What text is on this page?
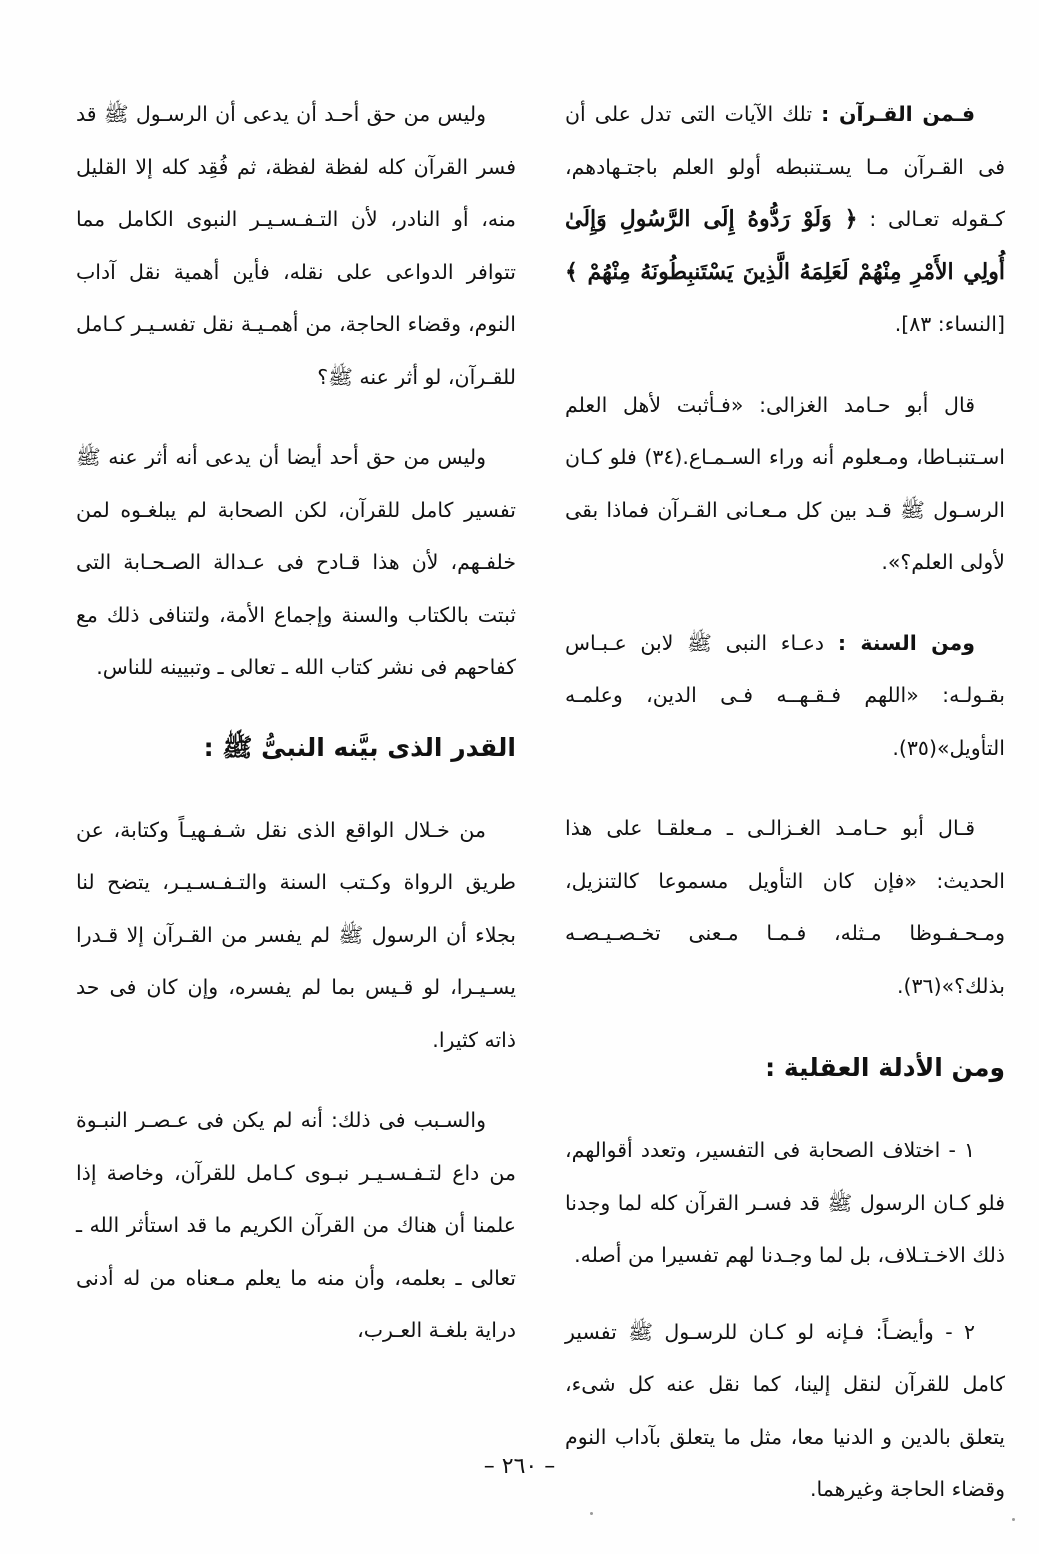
فـمن القـرآن : تلك الآيات التى تدل على أن فى القـرآن مـا يسـتنبطه أولو العلم باجتـهادهم، كـقوله تعـالى : ﴿ وَلَوْ رَدُّوهُ إِلَى الرَّسُولِ وَإِلَىٰ أُولِي الأَمْرِ مِنْهُمْ لَعَلِمَهُ الَّذِينَ يَسْتَنبِطُونَهُ مِنْهُمْ ﴾ [النساء: ٨٣].

قال أبو حـامد الغزالى: «فـأثبت لأهل العلم اسـتنبـاطا، ومـعلوم أنه وراء السـمـاع.(٣٤) فلو كـان الرسـول ﷺ قـد بين كل مـعـانى القـرآن فماذا بقى لأولى العلم؟».

ومن السنة : دعـاء النبى ﷺ لابن عـبـاس بقـولـه: «اللهم فـقـهــه فـى الدين، وعلمـه التأويل»(٣٥).

قـال أبو حـامـد الغـزالـى ـ مـعلقـا على هذا الحديث: «فإن كان التأويل مسموعا كالتنزيل، ومـحـفـوظا مـثله، فـمـا مـعنى تخـصـيـصـه بذلك؟»(٣٦).

ومن الأدلة العقلية :

١ - اختلاف الصحابة فى التفسير، وتعدد أقوالهم، فلو كـان الرسول ﷺ قد فسـر القرآن كله لما وجدنا ذلك الاخـتـلاف، بل لما وجـدنا لهم تفسيرا من أصله.

٢ - وأيضـاً: فـإنه لو كـان للرسـول ﷺ تفسير كامل للقرآن لنقل إلينا، كما نقل عنه كل شىء، يتعلق بالدين و الدنيا معا، مثل ما يتعلق بآداب النوم وقضاء الحاجة وغيرهما.

وليس من حق أحـد أن يدعى أن الرسـول ﷺ قد فسر القرآن كله لفظة لفظة، ثم فُقِد كله إلا القليل منه، أو النادر، لأن التـفـسـيـر النبوى الكامل مما تتوافر الدواعى على نقله، فأين أهمية نقل آداب النوم، وقضاء الحاجة، من أهمـيـة نقل تفسـيـر كـامل للقـرآن، لو أثر عنه ﷺ؟

وليس من حق أحد أيضا أن يدعى أنه أثر عنه ﷺ تفسير كامل للقرآن، لكن الصحابة لم يبلغـوه لمن خلفـهم، لأن هذا قـادح فى عـدالة الصـحـابة التى ثبتت بالكتاب والسنة وإجماع الأمة، ولتنافى ذلك مع كفاحهم فى نشر كتاب الله ـ تعالى ـ وتبيينه للناس.

القدر الذى بيَّنه النبىُّ ﷺ :

من خـلال الواقع الذى نقل شـفـهيـاً وكتابة، عن طريق الرواة وكـتب السنة والتـفـسـيـر، يتضح لنا بجلاء أن الرسول ﷺ لم يفسر من القـرآن إلا قـدرا يسـيـرا، لو قـيس بما لم يفسره، وإن كان فى حد ذاته كثيرا.

والسـبب فى ذلك: أنه لم يكن فى عـصـر النبـوة من داع لتـفـسـيـر نبـوى كـامل للقرآن، وخاصة إذا علمنا أن هناك من القرآن الكريم ما قد استأثر الله ـ تعالى ـ بعلمه، وأن منه ما يعلم مـعناه من له أدنى دراية بلغـة العـرب،

– ٢٦٠ –
